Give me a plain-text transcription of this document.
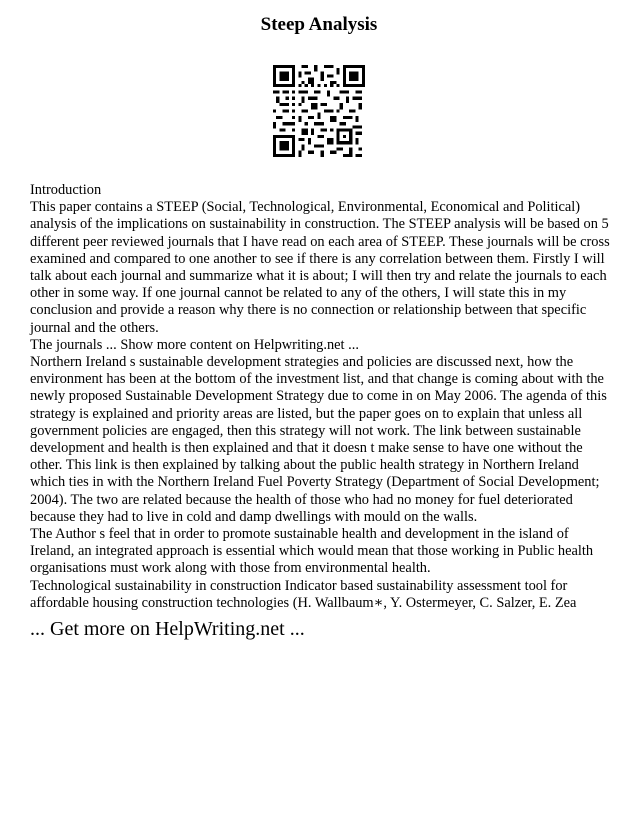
Steep Analysis

Introduction

This paper contains a STEEP (Social, Technological, Environmental, Economical and Political) analysis of the implications on sustainability in construction. The STEEP analysis will be based on 5 different peer reviewed journals that I have read on each area of STEEP. These journals will be cross examined and compared to one another to see if there is any correlation between them. Firstly I will talk about each journal and summarize what it is about; I will then try and relate the journals to each other in some way. If one journal cannot be related to any of the others, I will state this in my conclusion and provide a reason why there is no connection or relationship between that specific journal and the others.

The journals ... Show more content on Helpwriting.net ...

Northern Ireland s sustainable development strategies and policies are discussed next, how the environment has been at the bottom of the investment list, and that change is coming about with the newly proposed Sustainable Development Strategy due to come in on May 2006. The agenda of this strategy is explained and priority areas are listed, but the paper goes on to explain that unless all government policies are engaged, then this strategy will not work. The link between sustainable development and health is then explained and that it doesn t make sense to have one without the other. This link is then explained by talking about the public health strategy in Northern Ireland which ties in with the Northern Ireland Fuel Poverty Strategy (Department of Social Development; 2004). The two are related because the health of those who had no money for fuel deteriorated because they had to live in cold and damp dwellings with mould on the walls.

The Author s feel that in order to promote sustainable health and development in the island of Ireland, an integrated approach is essential which would mean that those working in Public health organisations must work along with those from environmental health.

Technological sustainability in construction Indicator based sustainability assessment tool for affordable housing construction technologies (H. Wallbaum∗, Y. Ostermeyer, C. Salzer, E. Zea

... Get more on HelpWriting.net ...
